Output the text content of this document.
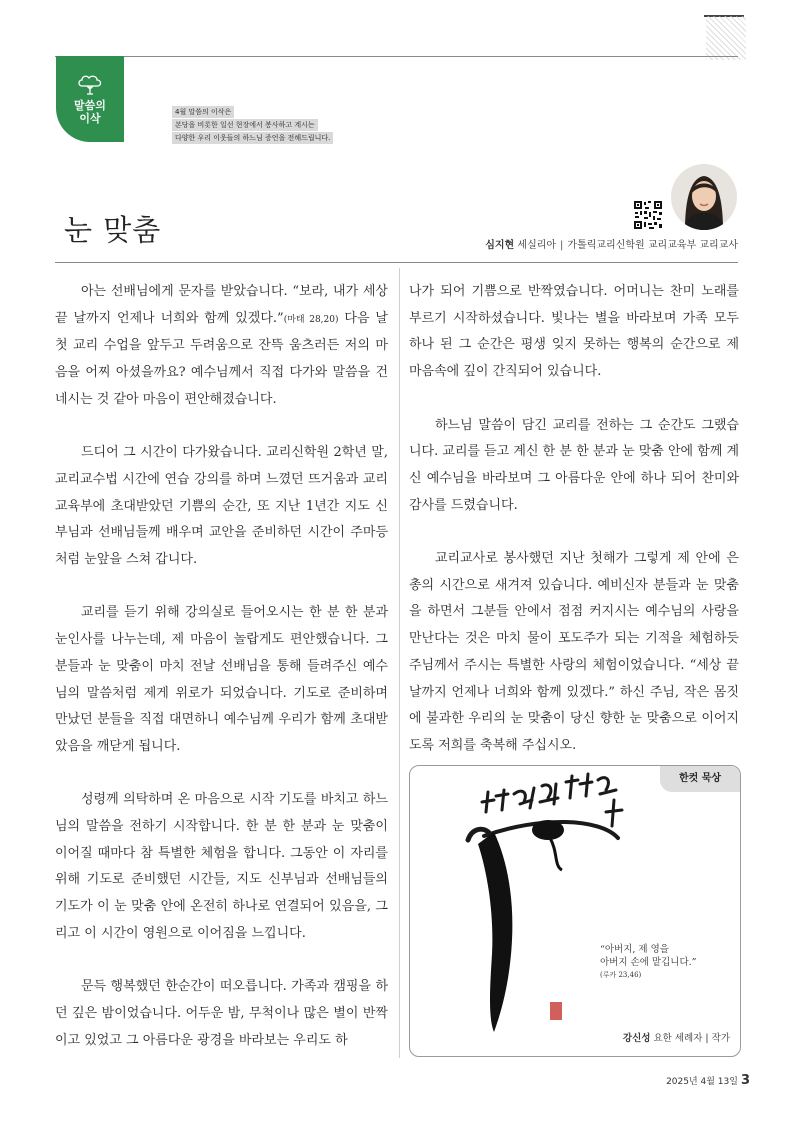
말씀의
이삭	4월 말씀의 이삭은
본당을 비롯한 일선 현장에서 봉사하고 계시는
다양한 우리 이웃들의 하느님 증언을 전해드립니다.
눈 맞춤	심지현 세실리아 | 가톨릭교리신학원 교리교육부 교리교사

아는 선배님에게 문자를 받았습니다. “보라, 내가 세상 끝 날까지 언제나 너희와 함께 있겠다.”(마태 28,20) 다음 날 첫 교리 수업을 앞두고 두려움으로 잔뜩 움츠러든 저의 마음을 어찌 아셨을까요? 예수님께서 직접 다가와 말씀을 건네시는 것 같아 마음이 편안해졌습니다.

드디어 그 시간이 다가왔습니다. 교리신학원 2학년 말, 교리교수법 시간에 연습 강의를 하며 느꼈던 뜨거움과 교리교육부에 초대받았던 기쁨의 순간, 또 지난 1년간 지도 신부님과 선배님들께 배우며 교안을 준비하던 시간이 주마등처럼 눈앞을 스쳐 갑니다.

교리를 듣기 위해 강의실로 들어오시는 한 분 한 분과 눈인사를 나누는데, 제 마음이 놀랍게도 편안했습니다. 그분들과 눈 맞춤이 마치 전날 선배님을 통해 들려주신 예수님의 말씀처럼 제게 위로가 되었습니다. 기도로 준비하며 만났던 분들을 직접 대면하니 예수님께 우리가 함께 초대받았음을 깨닫게 됩니다.

성령께 의탁하며 온 마음으로 시작 기도를 바치고 하느님의 말씀을 전하기 시작합니다. 한 분 한 분과 눈 맞춤이 이어질 때마다 참 특별한 체험을 합니다. 그동안 이 자리를 위해 기도로 준비했던 시간들, 지도 신부님과 선배님들의 기도가 이 눈 맞춤 안에 온전히 하나로 연결되어 있음을, 그리고 이 시간이 영원으로 이어짐을 느낍니다.

문득 행복했던 한순간이 떠오릅니다. 가족과 캠핑을 하던 깊은 밤이었습니다. 어두운 밤, 무척이나 많은 별이 반짝이고 있었고 그 아름다운 광경을 바라보는 우리도 하

나가 되어 기쁨으로 반짝였습니다. 어머니는 찬미 노래를 부르기 시작하셨습니다. 빛나는 별을 바라보며 가족 모두 하나 된 그 순간은 평생 잊지 못하는 행복의 순간으로 제 마음속에 깊이 간직되어 있습니다.

하느님 말씀이 담긴 교리를 전하는 그 순간도 그랬습니다. 교리를 듣고 계신 한 분 한 분과 눈 맞춤 안에 함께 계신 예수님을 바라보며 그 아름다운 안에 하나 되어 찬미와 감사를 드렸습니다.

교리교사로 봉사했던 지난 첫해가 그렇게 제 안에 은총의 시간으로 새겨져 있습니다. 예비신자 분들과 눈 맞춤을 하면서 그분들 안에서 점점 커지시는 예수님의 사랑을 만난다는 것은 마치 물이 포도주가 되는 기적을 체험하듯 주님께서 주시는 특별한 사랑의 체험이었습니다. “세상 끝 날까지 언제나 너희와 함께 있겠다.” 하신 주님, 작은 몸짓에 불과한 우리의 눈 맞춤이 당신 향한 눈 맞춤으로 이어지도록 저희를 축복해 주십시오.

한컷 묵상
“아버지, 제 영을
아버지 손에 맡깁니다.”
(루카 23,46)
강신성 요한 세례자 | 작가
2025년 4월 13일 3
